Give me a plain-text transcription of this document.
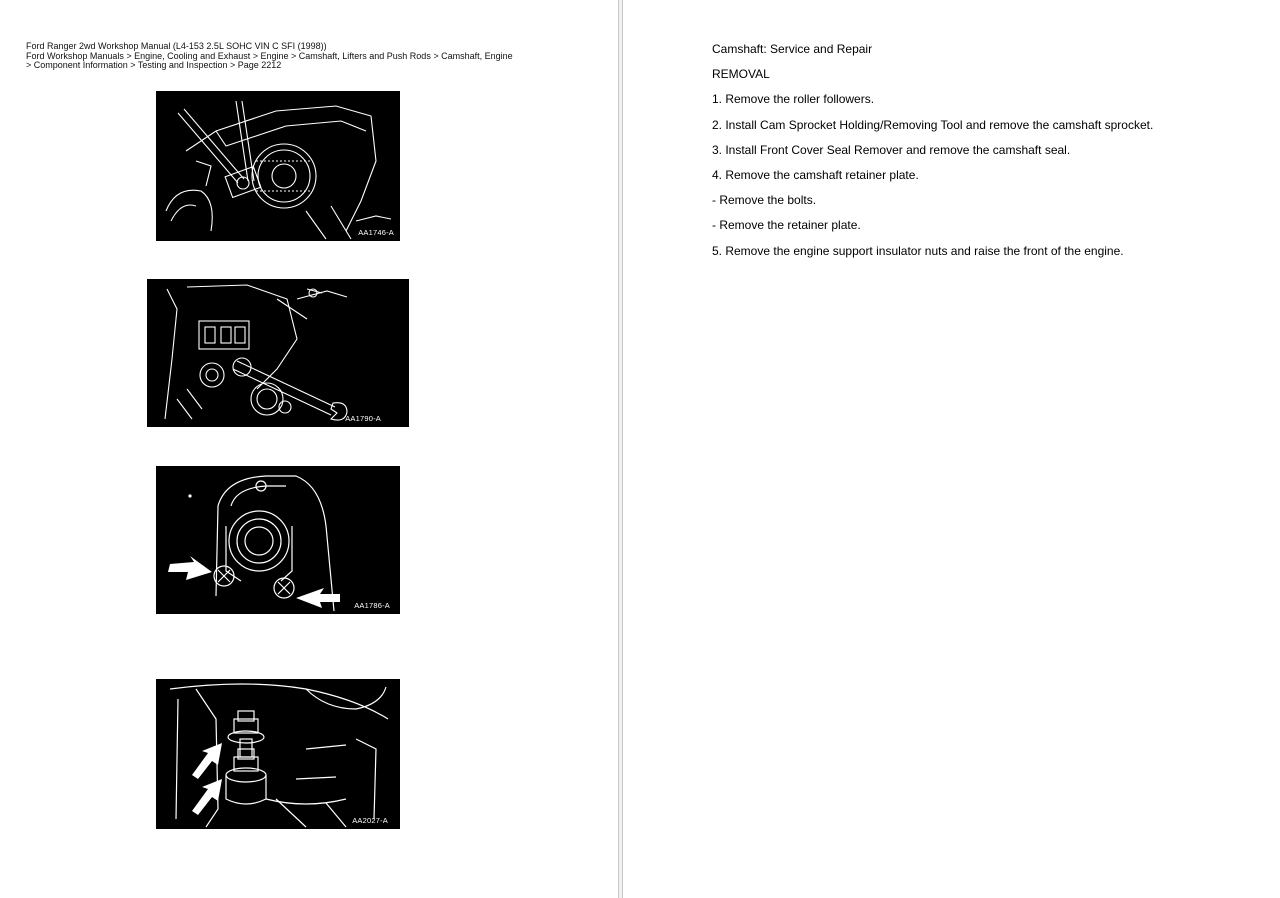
Ford Ranger 2wd Workshop Manual (L4-153 2.5L SOHC VIN C SFI (1998))
Ford Workshop Manuals > Engine, Cooling and Exhaust > Engine > Camshaft, Lifters and Push Rods > Camshaft, Engine
> Component Information > Testing and Inspection > Page 2212
AA1746-A
AA1790-A
AA1786-A
AA2027-A

Camshaft: Service and Repair

REMOVAL

1. Remove the roller followers.

2. Install Cam Sprocket Holding/Removing Tool and remove the camshaft sprocket.

3. Install Front Cover Seal Remover and remove the camshaft seal.

4. Remove the camshaft retainer plate.

- Remove the bolts.

- Remove the retainer plate.

5. Remove the engine support insulator nuts and raise the front of the engine.
